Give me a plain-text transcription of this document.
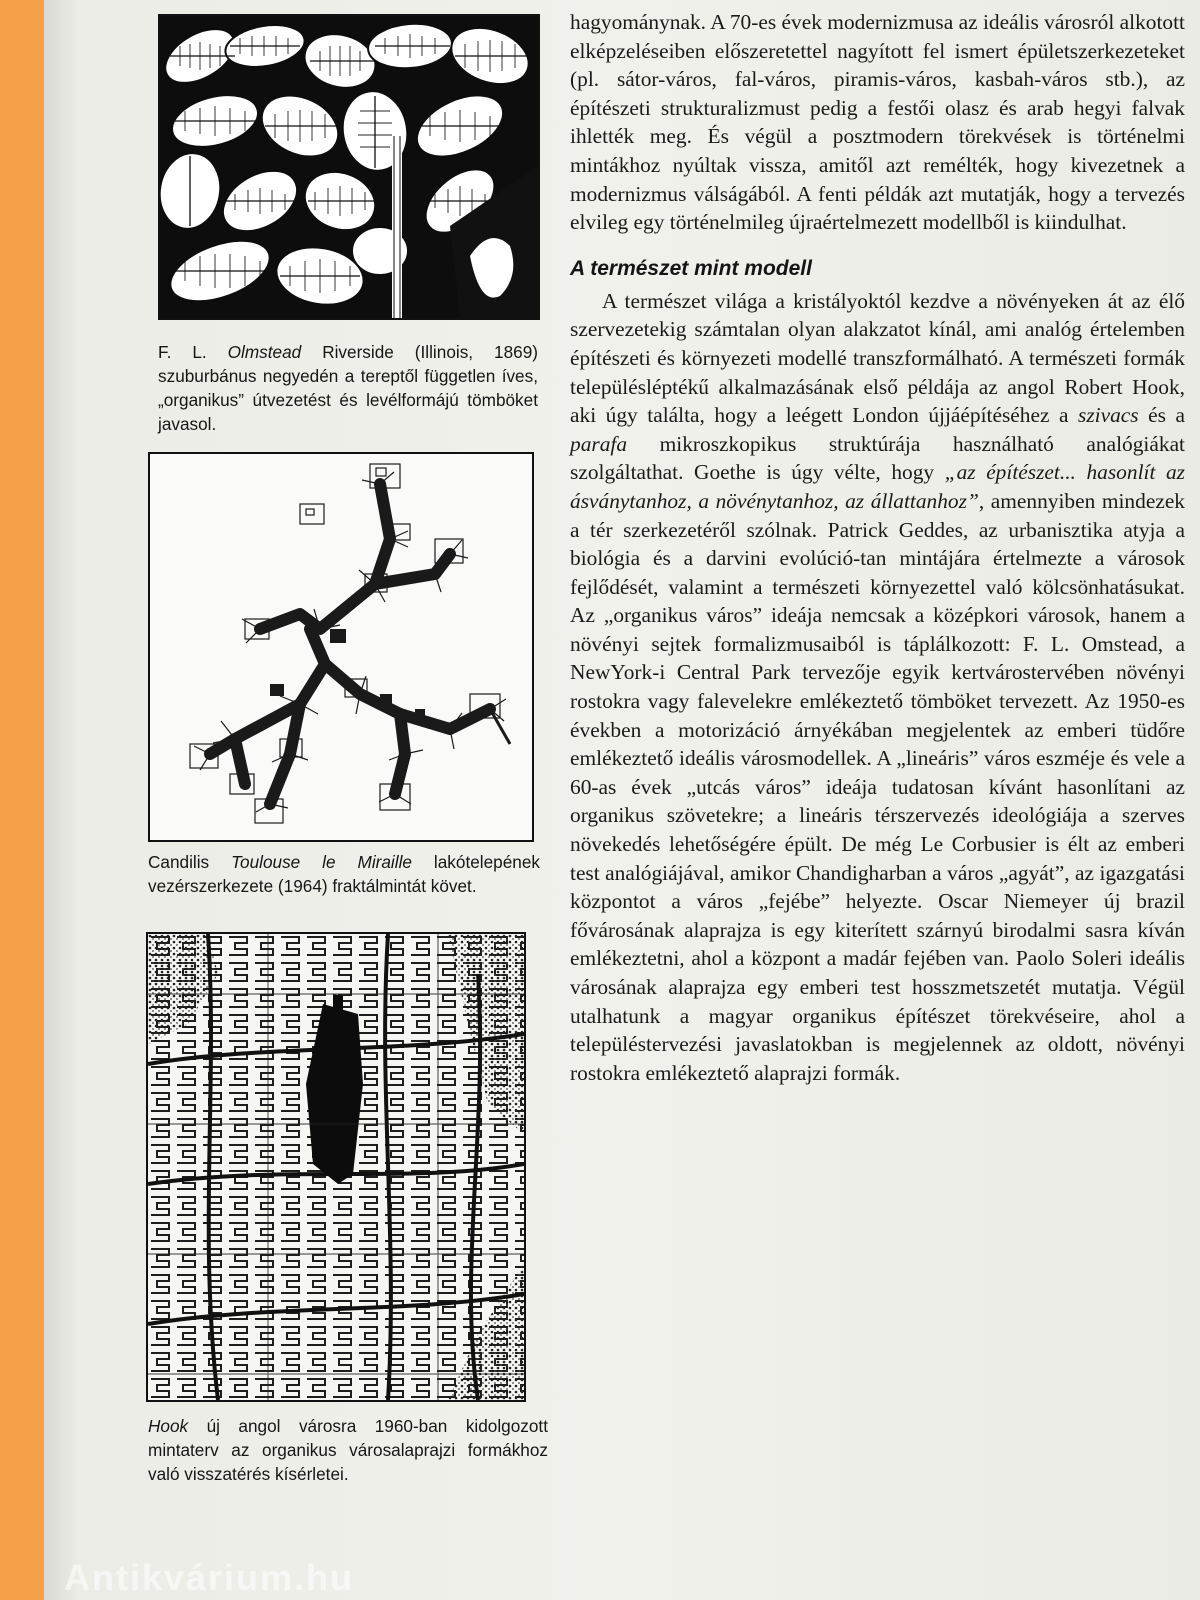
F. L. Olmstead Riverside (Illinois, 1869) szuburbánus negyedén a tereptől független íves, „organikus” útvezetést és levélformájú tömböket javasol.
Candilis Toulouse le Miraille lakótelepének vezérszerkezete (1964) fraktálmintát követ.
Hook új angol városra 1960-ban kidolgozott mintaterv az organikus városalaprajzi formákhoz való visszatérés kísérletei.

hagyománynak. A 70-es évek modernizmusa az ideális városról alkotott elképzeléseiben előszeretettel nagyított fel ismert épületszerkezeteket (pl. sátor-város, fal-város, piramis-város, kasbah-város stb.), az építészeti strukturalizmust pedig a festői olasz és arab hegyi falvak ihlették meg. És végül a posztmodern törekvések is történelmi mintákhoz nyúltak vissza, amitől azt remélték, hogy kivezetnek a modernizmus válságából. A fenti példák azt mutatják, hogy a tervezés elvileg egy történelmileg újraértelmezett modellből is kiindulhat.

A természet mint modell

A természet világa a kristályoktól kezdve a növényeken át az élő szervezetekig számtalan olyan alakzatot kínál, ami analóg értelemben építészeti és környezeti modellé transzformálható. A természeti formák településléptékű alkalmazásának első példája az angol Robert Hook, aki úgy találta, hogy a leégett London újjáépítéséhez a szivacs és a parafa mikroszkopikus struktúrája használható analógiákat szolgáltathat. Goethe is úgy vélte, hogy „az építészet... hasonlít az ásványtanhoz, a növénytanhoz, az állattanhoz”, amennyiben mindezek a tér szerkezetéről szólnak. Patrick Geddes, az urbanisztika atyja a biológia és a darvini evolúció-tan mintájára értelmezte a városok fejlődését, valamint a természeti környezettel való kölcsönhatásukat. Az „organikus város” ideája nemcsak a középkori városok, hanem a növényi sejtek formalizmusaiból is táplálkozott: F. L. Omstead, a NewYork-i Central Park tervezője egyik kertvárostervében növényi rostokra vagy falevelekre emlékeztető tömböket tervezett. Az 1950-es években a motorizáció árnyékában megjelentek az emberi tüdőre emlékeztető ideális városmodellek. A „lineáris” város eszméje és vele a 60-as évek „utcás város” ideája tudatosan kívánt hasonlítani az organikus szövetekre; a lineáris térszervezés ideológiája a szerves növekedés lehetőségére épült. De még Le Corbusier is élt az emberi test analógiájával, amikor Chandigharban a város „agyát”, az igazgatási központot a város „fejébe” helyezte. Oscar Niemeyer új brazil fővárosának alaprajza is egy kiterített szárnyú birodalmi sasra kíván emlékeztetni, ahol a központ a madár fejében van. Paolo Soleri ideális városának alaprajza egy emberi test hosszmetszetét mutatja. Végül utalhatunk a magyar organikus építészet törekvéseire, ahol a településtervezési javaslatokban is megjelennek az oldott, növényi rostokra emlékeztető alaprajzi formák.

Antikvárium.hu
